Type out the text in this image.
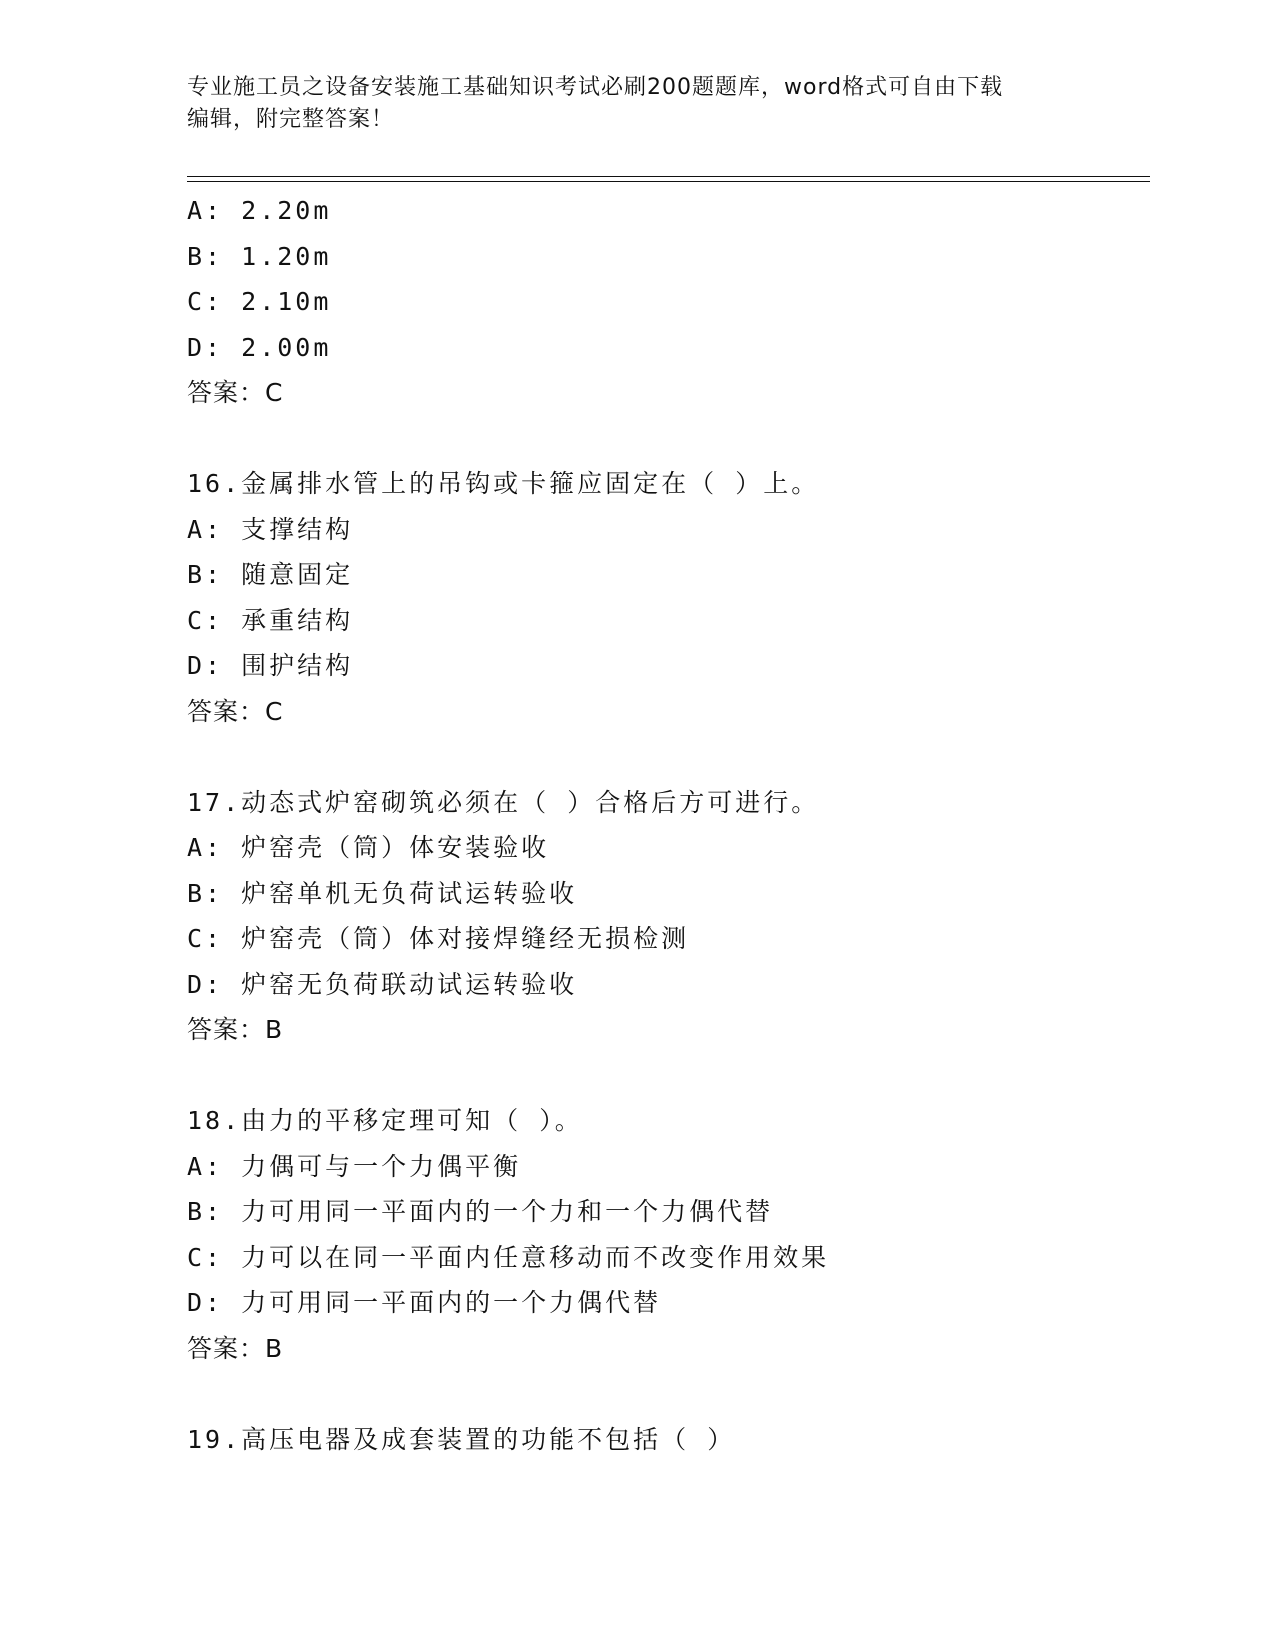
专业施工员之设备安装施工基础知识考试必刷200题题库，word格式可自由下载
编辑，附完整答案！
A: 2.20m
B: 1.20m
C: 2.10m
D: 2.00m
答案：C
16.金属排水管上的吊钩或卡箍应固定在（ ）上。
A: 支撑结构
B: 随意固定
C: 承重结构
D: 围护结构
答案：C
17.动态式炉窑砌筑必须在（ ）合格后方可进行。
A: 炉窑壳（筒）体安装验收
B: 炉窑单机无负荷试运转验收
C: 炉窑壳（筒）体对接焊缝经无损检测
D: 炉窑无负荷联动试运转验收
答案：B
18.由力的平移定理可知（ ）。
A: 力偶可与一个力偶平衡
B: 力可用同一平面内的一个力和一个力偶代替
C: 力可以在同一平面内任意移动而不改变作用效果
D: 力可用同一平面内的一个力偶代替
答案：B
19.高压电器及成套装置的功能不包括（ ）
